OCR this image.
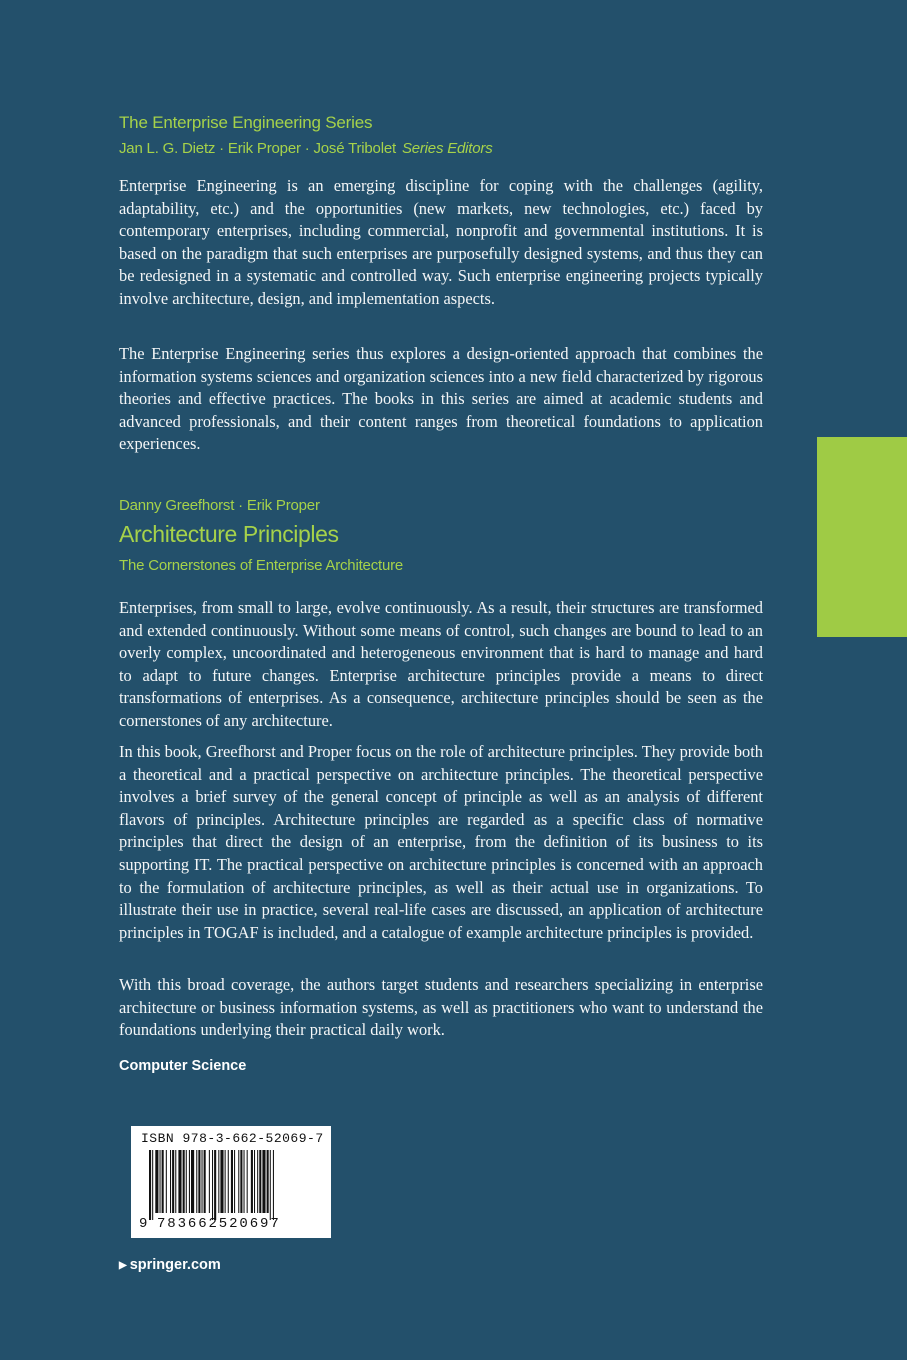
The Enterprise Engineering Series
Jan L. G. Dietz · Erik Proper · José Tribolet Series Editors

Enterprise Engineering is an emerging discipline for coping with the challenges (agility, adaptability, etc.) and the opportunities (new markets, new technologies, etc.) faced by contemporary enterprises, including commercial, nonprofit and governmental institutions. It is based on the paradigm that such enterprises are purposefully designed systems, and thus they can be redesigned in a systematic and controlled way. Such enterprise engineering projects typically involve architecture, design, and implementation aspects.

The Enterprise Engineering series thus explores a design-oriented approach that combines the information systems sciences and organization sciences into a new field characterized by rigorous theories and effective practices. The books in this series are aimed at academic students and advanced professionals, and their content ranges from theoretical foundations to application experiences.

Danny Greefhorst · Erik Proper
Architecture Principles
The Cornerstones of Enterprise Architecture

Enterprises, from small to large, evolve continuously. As a result, their structures are transformed and extended continuously. Without some means of control, such changes are bound to lead to an overly complex, uncoordinated and heterogeneous environment that is hard to manage and hard to adapt to future changes. Enterprise architecture principles provide a means to direct transformations of enterprises. As a consequence, architecture principles should be seen as the cornerstones of any architecture.

In this book, Greefhorst and Proper focus on the role of architecture principles. They provide both a theoretical and a practical perspective on architecture principles. The theoretical perspective involves a brief survey of the general concept of principle as well as an analysis of different flavors of principles. Architecture principles are regarded as a specific class of normative principles that direct the design of an enterprise, from the definition of its business to its supporting IT. The practical perspective on architecture principles is concerned with an approach to the formulation of architecture principles, as well as their actual use in organizations. To illustrate their use in practice, several real-life cases are discussed, an application of architecture principles in TOGAF is included, and a catalogue of example architecture principles is provided.

With this broad coverage, the authors target students and researchers specializing in enterprise architecture or business information systems, as well as practitioners who want to understand the foundations underlying their practical daily work.

Computer Science
ISBN 978-3-662-52069-7
9 783662520697
▶ springer.com
